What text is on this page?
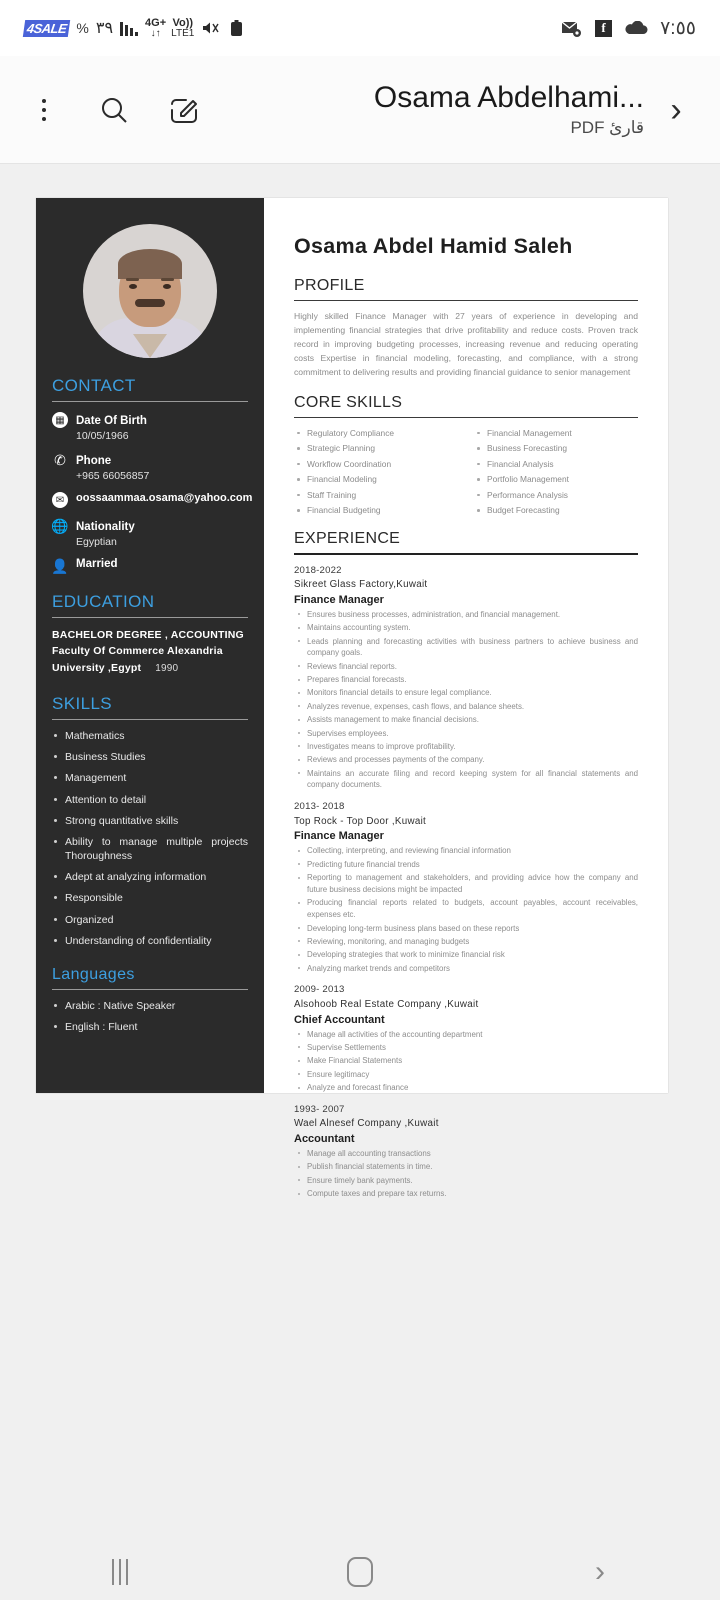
4SALE % ٣٩	4G+
↓↑
Vo))
LTE1	f	٧:٥٥
Osama Abdelhami...
قارئ PDF ›
CONTACT
▦ Date Of Birth
10/05/1966
✆ Phone
+965 66056857
✉	oossaammaa.osama@yahoo.com
🌐 Nationality
Egyptian
👤 Married
EDUCATION
BACHELOR DEGREE , ACCOUNTING
Faculty Of Commerce Alexandria
University ,Egypt 1990
SKILLS
Mathematics
Business Studies
Management
Attention to detail
Strong quantitative skills
Ability to manage multiple projects Thoroughness
Adept at analyzing information
Responsible
Organized
Understanding of confidentiality
Languages
Arabic : Native Speaker
English : Fluent
Osama Abdel Hamid Saleh
PROFILE

Highly skilled Finance Manager with 27 years of experience in developing and implementing financial strategies that drive profitability and reduce costs. Proven track record in improving budgeting processes, increasing revenue and reducing operating costs Expertise in financial modeling, forecasting, and compliance, with a strong commitment to delivering results and providing financial guidance to senior management

CORE SKILLS
Regulatory Compliance
Strategic Planning
Workflow Coordination
Financial Modeling
Staff Training
Financial Budgeting
Financial Management
Business Forecasting
Financial Analysis
Portfolio Management
Performance Analysis
Budget Forecasting
EXPERIENCE
2018-2022
Sikreet Glass Factory,Kuwait
Finance Manager
Ensures business processes, administration, and financial management.
Maintains accounting system.
Leads planning and forecasting activities with business partners to achieve business and company goals.
Reviews financial reports.
Prepares financial forecasts.
Monitors financial details to ensure legal compliance.
Analyzes revenue, expenses, cash flows, and balance sheets.
Assists management to make financial decisions.
Supervises employees.
Investigates means to improve profitability.
Reviews and processes payments of the company.
Maintains an accurate filing and record keeping system for all financial statements and company documents.
2013- 2018
Top Rock - Top Door ,Kuwait
Finance Manager
Collecting, interpreting, and reviewing financial information
Predicting future financial trends
Reporting to management and stakeholders, and providing advice how the company and future business decisions might be impacted
Producing financial reports related to budgets, account payables, account receivables, expenses etc.
Developing long-term business plans based on these reports
Reviewing, monitoring, and managing budgets
Developing strategies that work to minimize financial risk
Analyzing market trends and competitors
2009- 2013
Alsohoob Real Estate Company ,Kuwait
Chief Accountant
Manage all activities of the accounting department
Supervise Settlements
Make Financial Statements
Ensure legitimacy
Analyze and forecast finance
1993- 2007
Wael Alnesef Company ,Kuwait
Accountant
Manage all accounting transactions
Publish financial statements in time.
Ensure timely bank payments.
Compute taxes and prepare tax returns.
›
